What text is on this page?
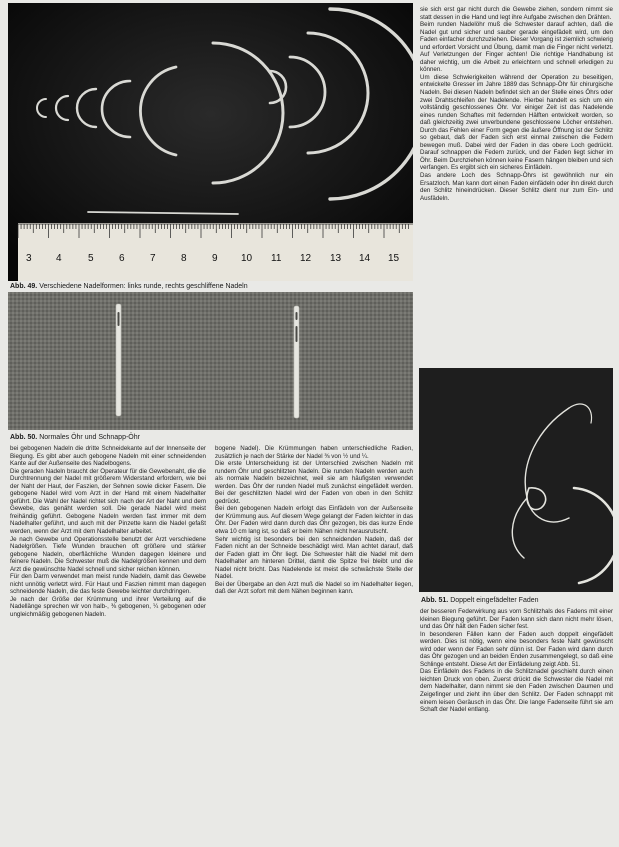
sie sich erst gar nicht durch die Gewebe ziehen, sondern nimmt sie statt dessen in die Hand und legt ihre Aufgabe zwischen den Drähten.

Beim runden Nadelöhr muß die Schwester darauf achten, daß die Nadel gut und sicher und sauber gerade eingefädelt wird, um den Faden einfacher durchzuziehen. Dieser Vorgang ist ziemlich schwierig und erfordert Vorsicht und Übung, damit man die Finger nicht verletzt. Auf Verletzungen der Finger achten! Die richtige Handhabung ist daher wichtig, um die Arbeit zu erleichtern und schnell erledigen zu können.

Um diese Schwierigkeiten während der Operation zu beseitigen, entwickelte Gresser im Jahre 1889 das Schnapp-Öhr für chirurgische Nadeln. Bei diesen Nadeln befindet sich an der Stelle eines Öhrs oder zwei Drahtschleifen der Nadelende. Hierbei handelt es sich um ein vollständig geschlossenes Öhr. Vor einiger Zeit ist das Nadelende eines runden Schaftes mit federnden Hälften entwickelt worden, so daß gleichzeitig zwei unverbundene geschlossene Löcher entstehen. Durch das Fehlen einer Form gegen die äußere Öffnung ist der Schlitz so gebaut, daß der Faden sich erst einmal zwischen die Federn bewegen muß. Dabei wird der Faden in das obere Loch gedrückt. Darauf schnappen die Federn zurück, und der Faden liegt sicher im Öhr. Beim Durchziehen können keine Fasern hängen bleiben und sich verfangen. Es ergibt sich ein sicheres Einfädeln.

Das andere Loch des Schnapp-Öhrs ist gewöhnlich nur ein Ersatzloch. Man kann dort einen Faden einfädeln oder ihn direkt durch den Schlitz hineindrücken. Dieser Schlitz dient nur zum Ein- und Ausfädeln.

3 4	5	6	7	8	9 10 11 12 13 14 15
Abb. 49. Verschiedene Nadelformen: links runde, rechts geschliffene Nadeln
Abb. 50. Normales Öhr und Schnapp-Öhr
Abb. 51. Doppelt eingefädelter Faden

bei gebogenen Nadeln die dritte Schneidekante auf der Innenseite der Biegung. Es gibt aber auch gebogene Nadeln mit einer schneidenden Kante auf der Außenseite des Nadelbogens.

Die geraden Nadeln braucht der Operateur für die Gewebenaht, die die Durchtrennung der Nadel mit größerem Widerstand erfordern, wie bei der Naht der Haut, der Faszien, der Sehnen sowie dicker Fasern. Die gebogene Nadel wird vom Arzt in der Hand mit einem Nadelhalter geführt. Die Wahl der Nadel richtet sich nach der Art der Naht und dem Gewebe, das genäht werden soll. Die gerade Nadel wird meist freihändig geführt. Gebogene Nadeln werden fast immer mit dem Nadelhalter geführt, und auch mit der Pinzette kann die Nadel gefaßt werden, wenn der Arzt mit dem Nadelhalter arbeitet.

Je nach Gewebe und Operationsstelle benutzt der Arzt verschiedene Nadelgrößen. Tiefe Wunden brauchen oft größere und stärker gebogene Nadeln, oberflächliche Wunden dagegen kleinere und feinere Nadeln. Die Schwester muß die Nadelgrößen kennen und dem Arzt die gewünschte Nadel schnell und sicher reichen können.

Für den Darm verwendet man meist runde Nadeln, damit das Gewebe nicht unnötig verletzt wird. Für Haut und Faszien nimmt man dagegen schneidende Nadeln, die das feste Gewebe leichter durchdringen.

Je nach der Größe der Krümmung und ihrer Verteilung auf die Nadellänge sprechen wir von halb-, ⅜ gebogenen, ¼ gebogenen oder ungleichmäßig gebogenen Nadeln.

bogene Nadel). Die Krümmungen haben unterschiedliche Radien, zusätzlich je nach der Stärke der Nadel ⅜ von ½ und ¼.

Die erste Unterscheidung ist der Unterschied zwischen Nadeln mit rundem Öhr und geschlitzten Nadeln. Die runden Nadeln werden auch als normale Nadeln bezeichnet, weil sie am häufigsten verwendet werden. Das Öhr der runden Nadel muß zunächst eingefädelt werden. Bei der geschlitzten Nadel wird der Faden von oben in den Schlitz gedrückt.

Bei den gebogenen Nadeln erfolgt das Einfädeln von der Außenseite der Krümmung aus. Auf diesem Wege gelangt der Faden leichter in das Öhr. Der Faden wird dann durch das Öhr gezogen, bis das kurze Ende etwa 10 cm lang ist, so daß er beim Nähen nicht herausrutscht.

Sehr wichtig ist besonders bei den schneidenden Nadeln, daß der Faden nicht an der Schneide beschädigt wird. Man achtet darauf, daß der Faden glatt im Öhr liegt. Die Schwester hält die Nadel mit dem Nadelhalter am hinteren Drittel, damit die Spitze frei bleibt und die Nadel nicht bricht. Das Nadelende ist meist die schwächste Stelle der Nadel.

Bei der Übergabe an den Arzt muß die Nadel so im Nadelhalter liegen, daß der Arzt sofort mit dem Nähen beginnen kann.

der besseren Federwirkung aus vorn Schlitzhals des Fadens mit einer kleinen Biegung geführt. Der Faden kann sich dann nicht mehr lösen, und das Öhr hält den Faden sicher fest.

In besonderen Fällen kann der Faden auch doppelt eingefädelt werden. Dies ist nötig, wenn eine besonders feste Naht gewünscht wird oder wenn der Faden sehr dünn ist. Der Faden wird dann durch das Öhr gezogen und an beiden Enden zusammengelegt, so daß eine Schlinge entsteht. Diese Art der Einfädelung zeigt Abb. 51.

Das Einfädeln des Fadens in die Schlitznadel geschieht durch einen leichten Druck von oben. Zuerst drückt die Schwester die Nadel mit dem Nadelhalter, dann nimmt sie den Faden zwischen Daumen und Zeigefinger und zieht ihn über den Schlitz. Der Faden schnappt mit einem leisen Geräusch in das Öhr. Die lange Fadenseite führt sie am Schaft der Nadel entlang.
